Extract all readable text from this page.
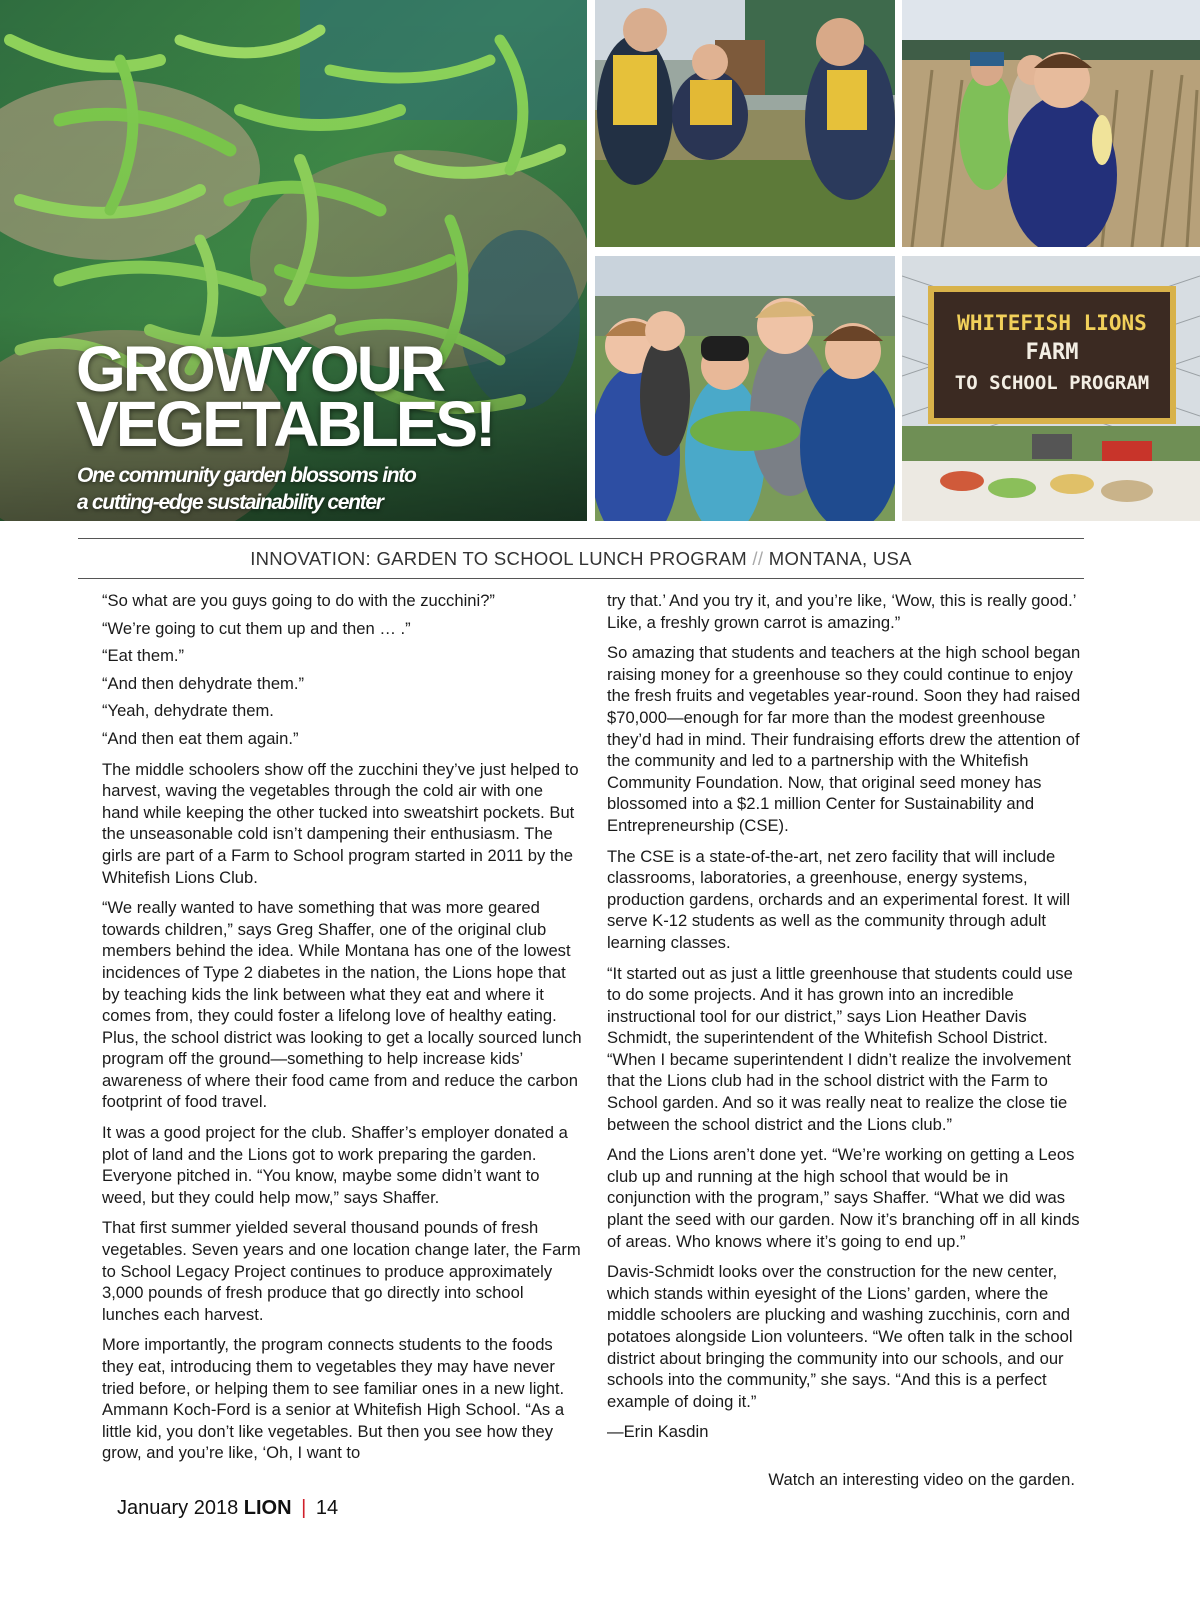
WHITEFISH LIONS
FARM
TO SCHOOL PROGRAM
GROWYOUR
VEGETABLES!

One community garden blossoms into
a cutting-edge sustainability center

INNOVATION: GARDEN TO SCHOOL LUNCH PROGRAM // MONTANA, USA

“So what are you guys going to do with the zucchini?”

“We’re going to cut them up and then … .”

“Eat them.”

“And then dehydrate them.”

“Yeah, dehydrate them.

“And then eat them again.”

The middle schoolers show off the zucchini they’ve just helped to harvest, waving the vegetables through the cold air with one hand while keeping the other tucked into sweatshirt pockets. But the unseasonable cold isn’t dampening their enthusiasm. The girls are part of a Farm to School program started in 2011 by the Whitefish Lions Club.

“We really wanted to have something that was more geared towards children,” says Greg Shaffer, one of the original club members behind the idea. While Montana has one of the lowest incidences of Type 2 diabetes in the nation, the Lions hope that by teaching kids the link between what they eat and where it comes from, they could foster a lifelong love of healthy eating. Plus, the school district was looking to get a locally sourced lunch program off the ground—something to help increase kids’ awareness of where their food came from and reduce the carbon footprint of food travel.

It was a good project for the club. Shaffer’s employer donated a plot of land and the Lions got to work preparing the garden. Everyone pitched in. “You know, maybe some didn’t want to weed, but they could help mow,” says Shaffer.

That first summer yielded several thousand pounds of fresh vegetables. Seven years and one location change later, the Farm to School Legacy Project continues to produce approximately 3,000 pounds of fresh produce that go directly into school lunches each harvest.

More importantly, the program connects students to the foods they eat, introducing them to vegetables they may have never tried before, or helping them to see familiar ones in a new light. Ammann Koch-Ford is a senior at Whitefish High School. “As a little kid, you don’t like vegetables. But then you see how they grow, and you’re like, ‘Oh, I want to

try that.’ And you try it, and you’re like, ‘Wow, this is really good.’ Like, a freshly grown carrot is amazing.”

So amazing that students and teachers at the high school began raising money for a greenhouse so they could continue to enjoy the fresh fruits and vegetables year-round. Soon they had raised $70,000—enough for far more than the modest greenhouse they’d had in mind. Their fundraising efforts drew the attention of the community and led to a partnership with the Whitefish Community Foundation. Now, that original seed money has blossomed into a $2.1 million Center for Sustainability and Entrepreneurship (CSE).

The CSE is a state-of-the-art, net zero facility that will include classrooms, laboratories, a greenhouse, energy systems, production gardens, orchards and an experimental forest. It will serve K-12 students as well as the community through adult learning classes.

“It started out as just a little greenhouse that students could use to do some projects. And it has grown into an incredible instructional tool for our district,” says Lion Heather Davis Schmidt, the superintendent of the Whitefish School District. “When I became superintendent I didn’t realize the involvement that the Lions club had in the school district with the Farm to School garden. And so it was really neat to realize the close tie between the school district and the Lions club.”

And the Lions aren’t done yet. “We’re working on getting a Leos club up and running at the high school that would be in conjunction with the program,” says Shaffer. “What we did was plant the seed with our garden. Now it’s branching off in all kinds of areas. Who knows where it’s going to end up.”

Davis-Schmidt looks over the construction for the new center, which stands within eyesight of the Lions’ garden, where the middle schoolers are plucking and washing zucchinis, corn and potatoes alongside Lion volunteers. “We often talk in the school district about bringing the community into our schools, and our schools into the community,” she says. “And this is a perfect example of doing it.”

—Erin Kasdin

Watch an interesting video on the garden.
January 2018 LION | 14
